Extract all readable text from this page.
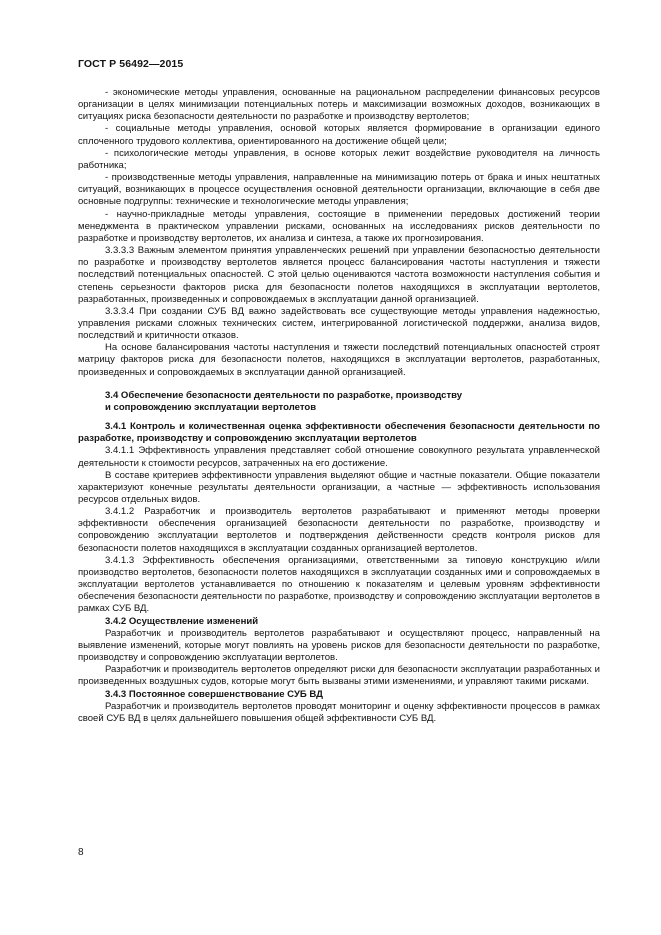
ГОСТ Р 56492—2015

- экономические методы управления, основанные на рациональном распределении финансовых ресурсов организации в целях минимизации потенциальных потерь и максимизации возможных доходов, возникающих в ситуациях риска безопасности деятельности по разработке и производству вертолетов;

- социальные методы управления, основой которых является формирование в организации единого сплоченного трудового коллектива, ориентированного на достижение общей цели;

- психологические методы управления, в основе которых лежит воздействие руководителя на личность работника;

- производственные методы управления, направленные на минимизацию потерь от брака и иных нештатных ситуаций, возникающих в процессе осуществления основной деятельности организации, включающие в себя две основные подгруппы: технические и технологические методы управления;

- научно-прикладные методы управления, состоящие в применении передовых достижений теории менеджмента в практическом управлении рисками, основанных на исследованиях рисков деятельности по разработке и производству вертолетов, их анализа и синтеза, а также их прогнозирования.

3.3.3.3 Важным элементом принятия управленческих решений при управлении безопасностью деятельности по разработке и производству вертолетов является процесс балансирования частоты наступления и тяжести последствий потенциальных опасностей. С этой целью оцениваются частота возможности наступления события и степень серьезности факторов риска для безопасности полетов находящихся в эксплуатации вертолетов, разработанных, произведенных и сопровождаемых в эксплуатации данной организацией.

3.3.3.4 При создании СУБ ВД важно задействовать все существующие методы управления надежностью, управления рисками сложных технических систем, интегрированной логистической поддержки, анализа видов, последствий и критичности отказов.

На основе балансирования частоты наступления и тяжести последствий потенциальных опасностей строят матрицу факторов риска для безопасности полетов, находящихся в эксплуатации вертолетов, разработанных, произведенных и сопровождаемых в эксплуатации данной организацией.

3.4 Обеспечение безопасности деятельности по разработке, производству

и сопровождению эксплуатации вертолетов

3.4.1 Контроль и количественная оценка эффективности обеспечения безопасности деятельности по разработке, производству и сопровождению эксплуатации вертолетов

3.4.1.1 Эффективность управления представляет собой отношение совокупного результата управленческой деятельности к стоимости ресурсов, затраченных на его достижение.

В составе критериев эффективности управления выделяют общие и частные показатели. Общие показатели характеризуют конечные результаты деятельности организации, а частные — эффективность использования ресурсов отдельных видов.

3.4.1.2 Разработчик и производитель вертолетов разрабатывают и применяют методы проверки эффективности обеспечения организацией безопасности деятельности по разработке, производству и сопровождению эксплуатации вертолетов и подтверждения действенности средств контроля рисков для безопасности полетов находящихся в эксплуатации созданных организацией вертолетов.

3.4.1.3 Эффективность обеспечения организациями, ответственными за типовую конструкцию и/или производство вертолетов, безопасности полетов находящихся в эксплуатации созданных ими и сопровождаемых в эксплуатации вертолетов устанавливается по отношению к показателям и целевым уровням эффективности обеспечения безопасности деятельности по разработке, производству и сопровождению эксплуатации вертолетов в рамках СУБ ВД.

3.4.2 Осуществление изменений

Разработчик и производитель вертолетов разрабатывают и осуществляют процесс, направленный на выявление изменений, которые могут повлиять на уровень рисков для безопасности деятельности по разработке, производству и сопровождению эксплуатации вертолетов.

Разработчик и производитель вертолетов определяют риски для безопасности эксплуатации разработанных и произведенных воздушных судов, которые могут быть вызваны этими изменениями, и управляют такими рисками.

3.4.3 Постоянное совершенствование СУБ ВД

Разработчик и производитель вертолетов проводят мониторинг и оценку эффективности процессов в рамках своей СУБ ВД в целях дальнейшего повышения общей эффективности СУБ ВД.

8
